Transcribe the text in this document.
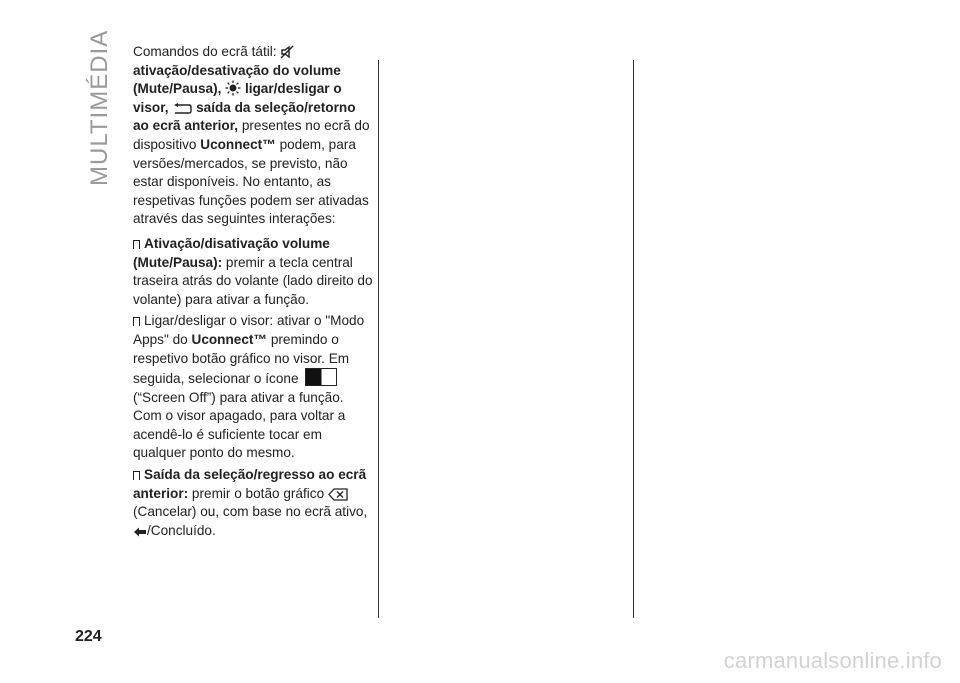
MULTIMÉDIA Comandos do ecrã tátil:
ativação/desativação do volume (Mute/Pausa), ligar/desligar o visor, saída da seleção/retorno ao ecrã anterior, presentes no ecrã do dispositivo Uconnect™ podem, para versões/mercados, se previsto, não estar disponíveis. No entanto, as respetivas funções podem ser ativadas através das seguintes interações:

Ativação/disativação volume (Mute/Pausa): premir a tecla central traseira atrás do volante (lado direito do volante) para ativar a função.

Ligar/desligar o visor: ativar o "Modo Apps" do Uconnect™ premindo o respetivo botão gráfico no visor. Em seguida, selecionar o ícone (“Screen Off”) para ativar a função. Com o visor apagado, para voltar a acendê-lo é suficiente tocar em qualquer ponto do mesmo.

Saída da seleção/regresso ao ecrã anterior: premir o botão gráfico
(Cancelar) ou, com base no ecrã ativo,
/Concluído.

224
carmanualsonline.info
